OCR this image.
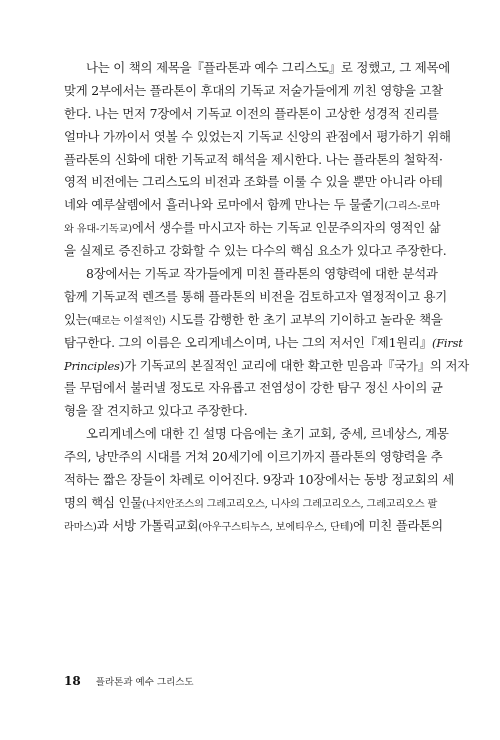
나는 이 책의 제목을『플라톤과 예수 그리스도』로 정했고, 그 제목에
맞게 2부에서는 플라톤이 후대의 기독교 저술가들에게 끼친 영향을 고찰
한다. 나는 먼저 7장에서 기독교 이전의 플라톤이 고상한 성경적 진리를
얼마나 가까이서 엿볼 수 있었는지 기독교 신앙의 관점에서 평가하기 위해
플라톤의 신화에 대한 기독교적 해석을 제시한다. 나는 플라톤의 철학적·
영적 비전에는 그리스도의 비전과 조화를 이룰 수 있을 뿐만 아니라 아테
네와 예루살렘에서 흘러나와 로마에서 함께 만나는 두 물줄기(그리스-로마
와 유대-기독교)에서 생수를 마시고자 하는 기독교 인문주의자의 영적인 삶
을 실제로 증진하고 강화할 수 있는 다수의 핵심 요소가 있다고 주장한다.
8장에서는 기독교 작가들에게 미친 플라톤의 영향력에 대한 분석과
함께 기독교적 렌즈를 통해 플라톤의 비전을 검토하고자 열정적이고 용기
있는(때로는 이설적인) 시도를 감행한 한 초기 교부의 기이하고 놀라운 책을
탐구한다. 그의 이름은 오리게네스이며, 나는 그의 저서인『제1원리』(First
Principles)가 기독교의 본질적인 교리에 대한 확고한 믿음과『국가』의 저자
를 무덤에서 불러낼 정도로 자유롭고 전염성이 강한 탐구 정신 사이의 균
형을 잘 견지하고 있다고 주장한다.
오리게네스에 대한 긴 설명 다음에는 초기 교회, 중세, 르네상스, 계몽
주의, 낭만주의 시대를 거쳐 20세기에 이르기까지 플라톤의 영향력을 추
적하는 짧은 장들이 차례로 이어진다. 9장과 10장에서는 동방 정교회의 세
명의 핵심 인물(나지안조스의 그레고리오스, 니사의 그레고리오스, 그레고리오스 팔
라마스)과 서방 가톨릭교회(아우구스티누스, 보에티우스, 단테)에 미친 플라톤의
18 플라톤과 예수 그리스도
